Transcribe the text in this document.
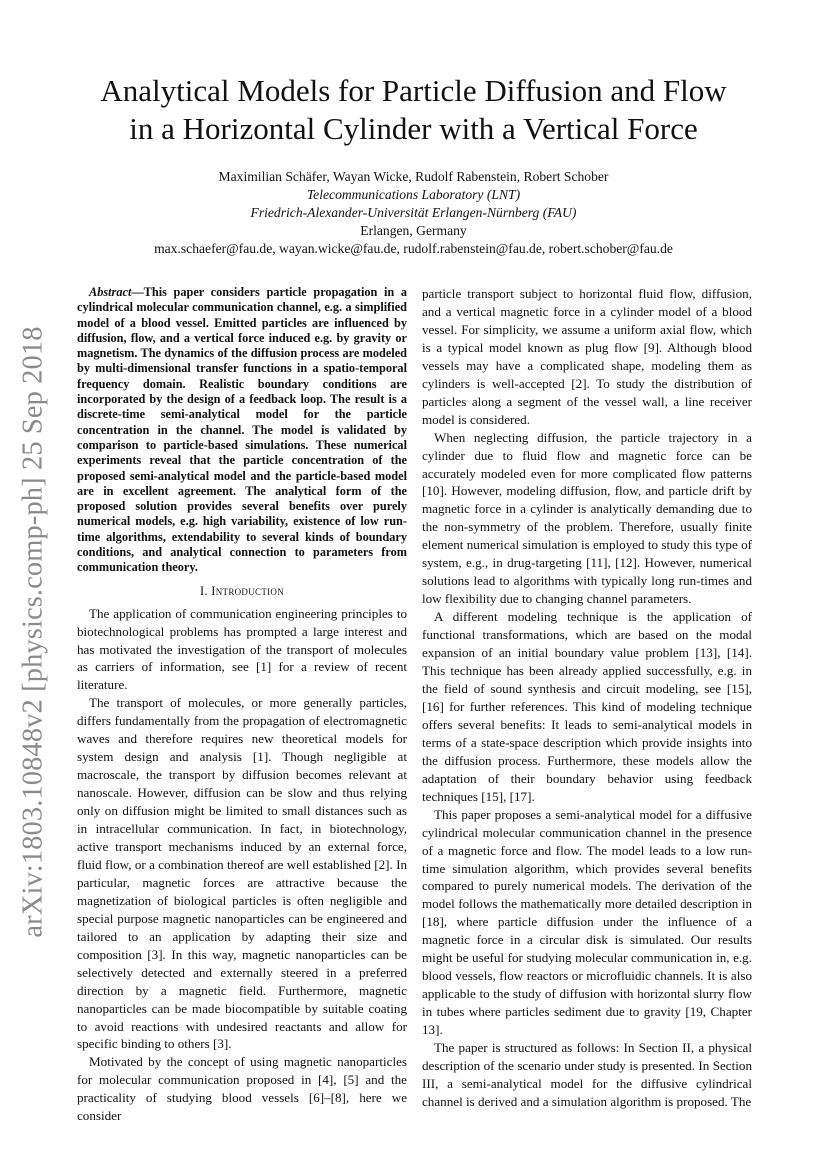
arXiv:1803.10848v2 [physics.comp-ph] 25 Sep 2018
Analytical Models for Particle Diffusion and Flow
in a Horizontal Cylinder with a Vertical Force
Maximilian Schäfer, Wayan Wicke, Rudolf Rabenstein, Robert Schober
Telecommunications Laboratory (LNT)
Friedrich-Alexander-Universität Erlangen-Nürnberg (FAU)
Erlangen, Germany
max.schaefer@fau.de, wayan.wicke@fau.de, rudolf.rabenstein@fau.de, robert.schober@fau.de

Abstract—This paper considers particle propagation in a cylindrical molecular communication channel, e.g. a simplified model of a blood vessel. Emitted particles are influenced by diffusion, flow, and a vertical force induced e.g. by gravity or magnetism. The dynamics of the diffusion process are modeled by multi-dimensional transfer functions in a spatio-temporal frequency domain. Realistic boundary conditions are incorporated by the design of a feedback loop. The result is a discrete-time semi-analytical model for the particle concentration in the channel. The model is validated by comparison to particle-based simulations. These numerical experiments reveal that the particle concentration of the proposed semi-analytical model and the particle-based model are in excellent agreement. The analytical form of the proposed solution provides several benefits over purely numerical models, e.g. high variability, existence of low run-time algorithms, extendability to several kinds of boundary conditions, and analytical connection to parameters from communication theory.

I. Introduction

The application of communication engineering principles to biotechnological problems has prompted a large interest and has motivated the investigation of the transport of molecules as carriers of information, see [1] for a review of recent literature.

The transport of molecules, or more generally particles, differs fundamentally from the propagation of electromagnetic waves and therefore requires new theoretical models for system design and analysis [1]. Though negligible at macroscale, the transport by diffusion becomes relevant at nanoscale. However, diffusion can be slow and thus relying only on diffusion might be limited to small distances such as in intracellular communication. In fact, in biotechnology, active transport mechanisms induced by an external force, fluid flow, or a combination thereof are well established [2]. In particular, magnetic forces are attractive because the magnetization of biological particles is often negligible and special purpose magnetic nanoparticles can be engineered and tailored to an application by adapting their size and composition [3]. In this way, magnetic nanoparticles can be selectively detected and externally steered in a preferred direction by a magnetic field. Furthermore, magnetic nanoparticles can be made biocompatible by suitable coating to avoid reactions with undesired reactants and allow for specific binding to others [3].

Motivated by the concept of using magnetic nanoparticles for molecular communication proposed in [4], [5] and the practicality of studying blood vessels [6]–[8], here we consider

particle transport subject to horizontal fluid flow, diffusion, and a vertical magnetic force in a cylinder model of a blood vessel. For simplicity, we assume a uniform axial flow, which is a typical model known as plug flow [9]. Although blood vessels may have a complicated shape, modeling them as cylinders is well-accepted [2]. To study the distribution of particles along a segment of the vessel wall, a line receiver model is considered.

When neglecting diffusion, the particle trajectory in a cylinder due to fluid flow and magnetic force can be accurately modeled even for more complicated flow patterns [10]. However, modeling diffusion, flow, and particle drift by magnetic force in a cylinder is analytically demanding due to the non-symmetry of the problem. Therefore, usually finite element numerical simulation is employed to study this type of system, e.g., in drug-targeting [11], [12]. However, numerical solutions lead to algorithms with typically long run-times and low flexibility due to changing channel parameters.

A different modeling technique is the application of functional transformations, which are based on the modal expansion of an initial boundary value problem [13], [14]. This technique has been already applied successfully, e.g. in the field of sound synthesis and circuit modeling, see [15], [16] for further references. This kind of modeling technique offers several benefits: It leads to semi-analytical models in terms of a state-space description which provide insights into the diffusion process. Furthermore, these models allow the adaptation of their boundary behavior using feedback techniques [15], [17].

This paper proposes a semi-analytical model for a diffusive cylindrical molecular communication channel in the presence of a magnetic force and flow. The model leads to a low run-time simulation algorithm, which provides several benefits compared to purely numerical models. The derivation of the model follows the mathematically more detailed description in [18], where particle diffusion under the influence of a magnetic force in a circular disk is simulated. Our results might be useful for studying molecular communication in, e.g. blood vessels, flow reactors or microfluidic channels. It is also applicable to the study of diffusion with horizontal slurry flow in tubes where particles sediment due to gravity [19, Chapter 13].

The paper is structured as follows: In Section II, a physical description of the scenario under study is presented. In Section III, a semi-analytical model for the diffusive cylindrical channel is derived and a simulation algorithm is proposed. The
